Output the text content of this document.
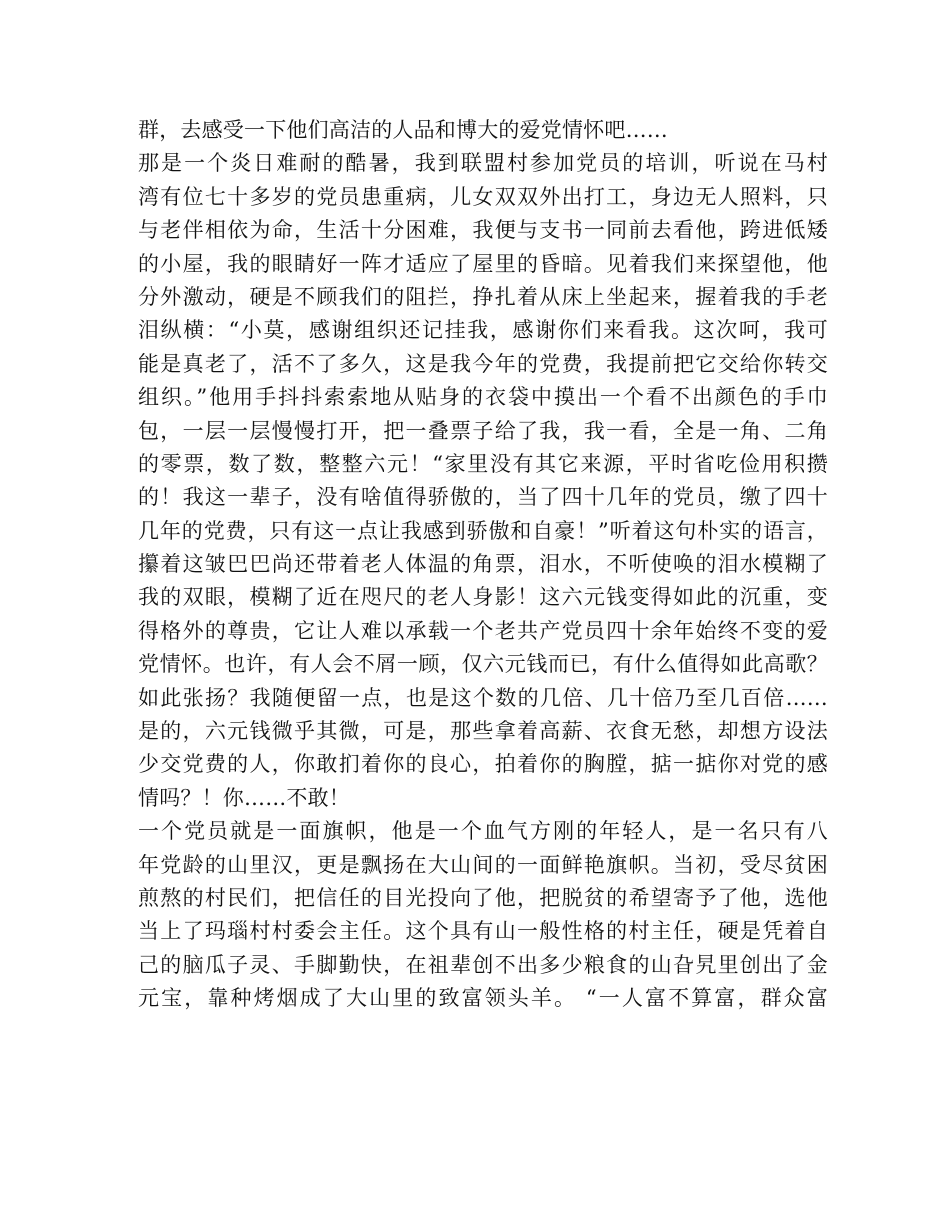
群，去感受一下他们高洁的人品和博大的爱党情怀吧……
那是一个炎日难耐的酷暑，我到联盟村参加党员的培训，听说在马村
湾有位七十多岁的党员患重病，儿女双双外出打工，身边无人照料，只
与老伴相依为命，生活十分困难，我便与支书一同前去看他，跨进低矮
的小屋，我的眼睛好一阵才适应了屋里的昏暗。见着我们来探望他，他
分外激动，硬是不顾我们的阻拦，挣扎着从床上坐起来，握着我的手老
泪纵横：“小莫，感谢组织还记挂我，感谢你们来看我。这次呵，我可
能是真老了，活不了多久，这是我今年的党费，我提前把它交给你转交
组织。”他用手抖抖索索地从贴身的衣袋中摸出一个看不出颜色的手巾
包，一层一层慢慢打开，把一叠票子给了我，我一看，全是一角、二角
的零票，数了数，整整六元！“家里没有其它来源，平时省吃俭用积攒
的！我这一辈子，没有啥值得骄傲的，当了四十几年的党员，缴了四十
几年的党费，只有这一点让我感到骄傲和自豪！”听着这句朴实的语言，
攥着这皱巴巴尚还带着老人体温的角票，泪水，不听使唤的泪水模糊了
我的双眼，模糊了近在咫尺的老人身影！这六元钱变得如此的沉重，变
得格外的尊贵，它让人难以承载一个老共产党员四十余年始终不变的爱
党情怀。也许，有人会不屑一顾，仅六元钱而已，有什么值得如此高歌？
如此张扬？我随便留一点，也是这个数的几倍、几十倍乃至几百倍……
是的，六元钱微乎其微，可是，那些拿着高薪、衣食无愁，却想方设法
少交党费的人，你敢扪着你的良心，拍着你的胸膛，掂一掂你对党的感
情吗？！你……不敢！
一个党员就是一面旗帜，他是一个血气方刚的年轻人，是一名只有八
年党龄的山里汉，更是飘扬在大山间的一面鲜艳旗帜。当初，受尽贫困
煎熬的村民们，把信任的目光投向了他，把脱贫的希望寄予了他，选他
当上了玛瑙村村委会主任。这个具有山一般性格的村主任，硬是凭着自
己的脑瓜子灵、手脚勤快，在祖辈创不出多少粮食的山旮旯里创出了金
元宝，靠种烤烟成了大山里的致富领头羊。 “一人富不算富，群众富
